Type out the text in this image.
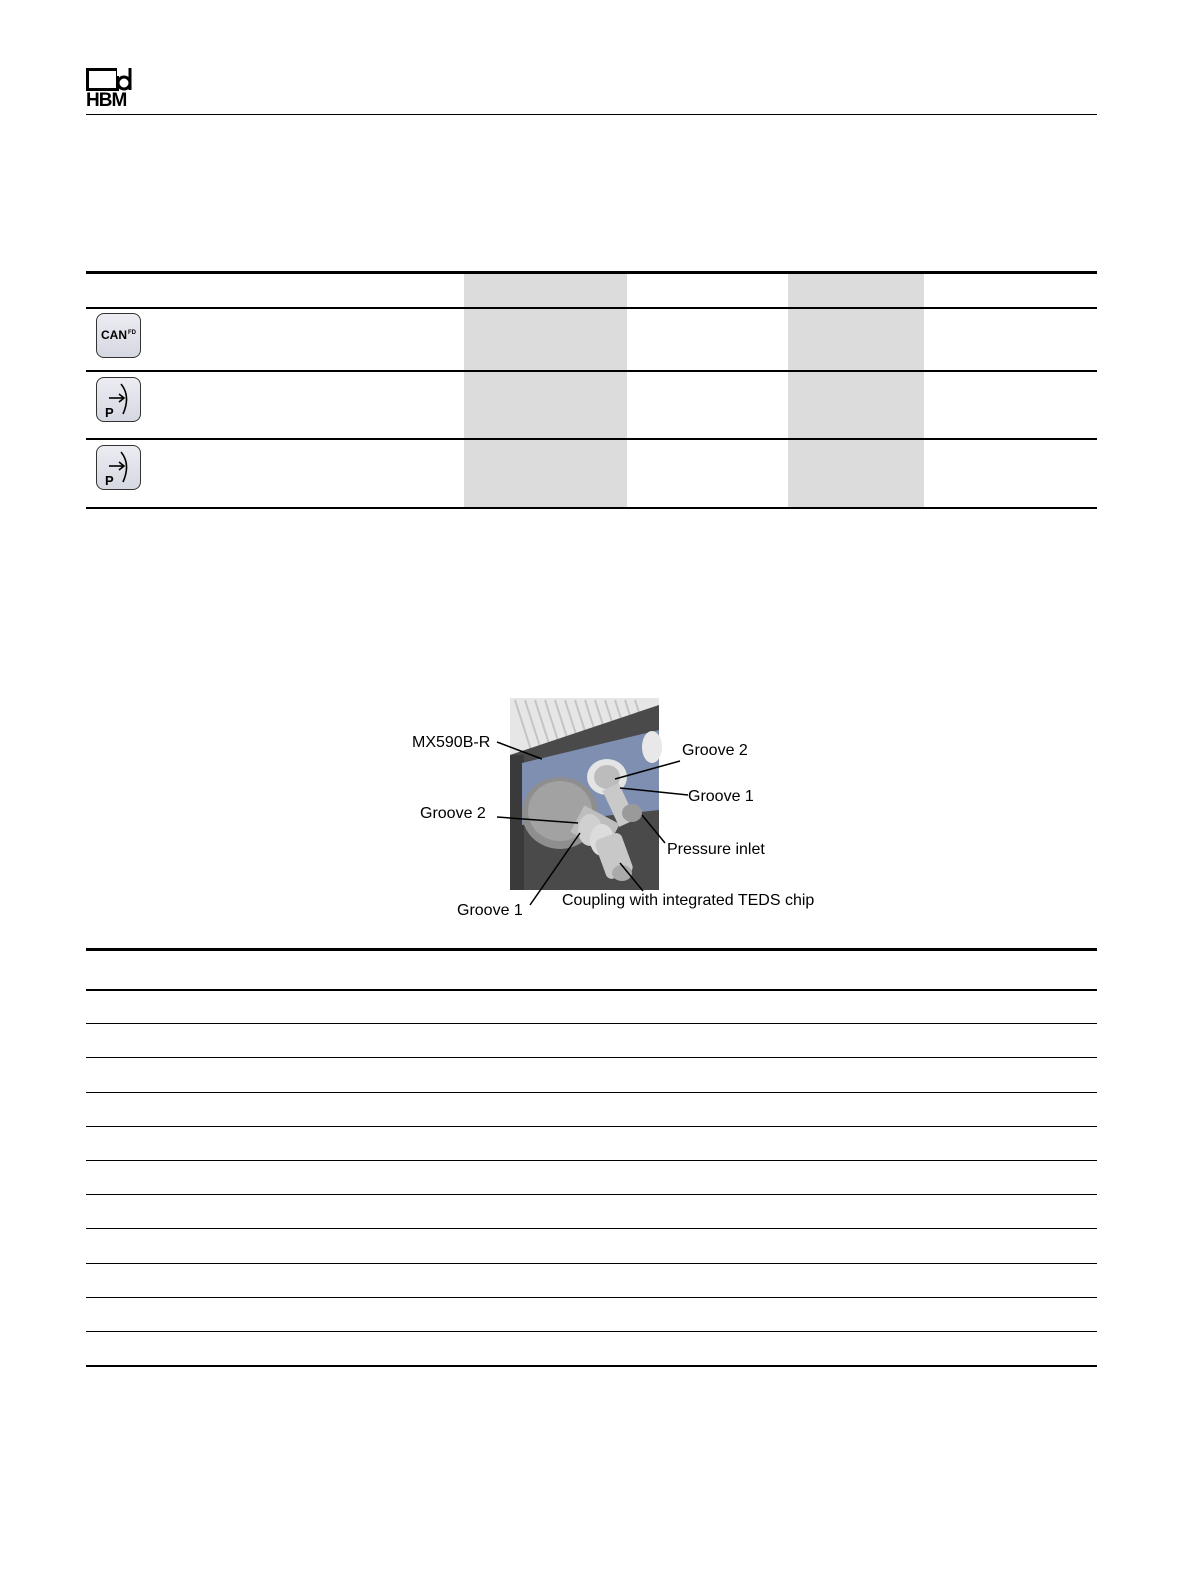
HBM
$CAN^{FD}$
P
P
MX590B-R	Groove 2
Groove 1
Groove 2
Pressure inlet
Groove 1
Coupling with integrated TEDS chip
